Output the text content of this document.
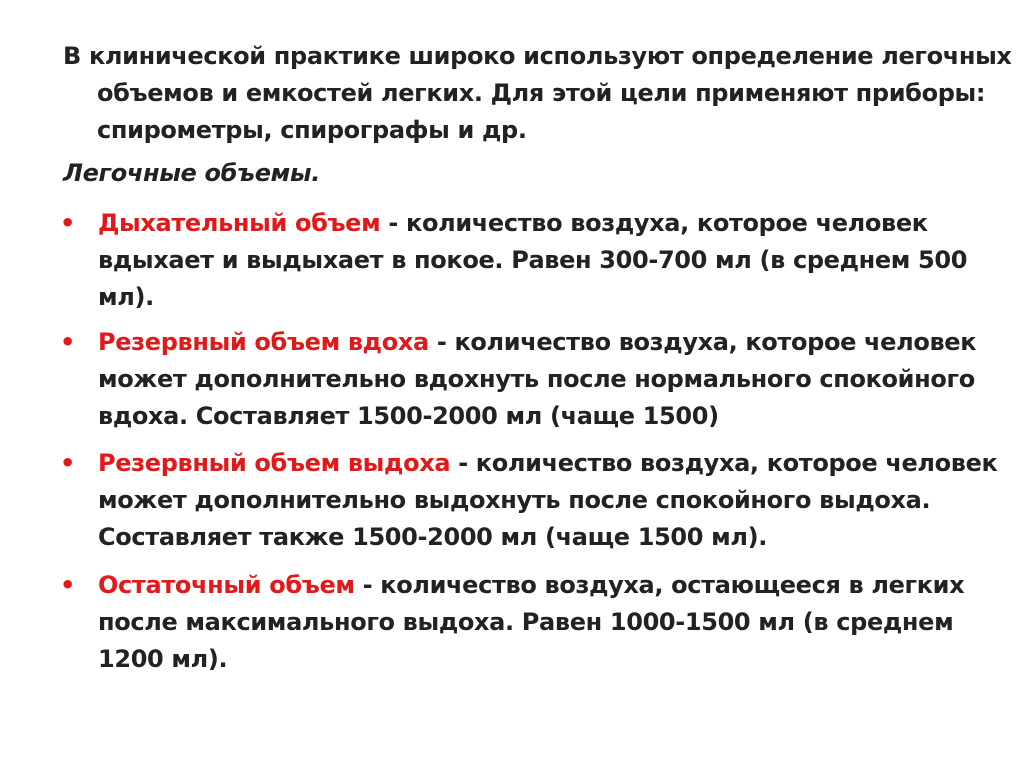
В клинической практике широко используют определение легочных объемов и емкостей легких. Для этой цели применяют приборы: спирометры, спирографы и др.

Легочные объемы.

• Дыхательный объем - количество воздуха, которое человек вдыхает и выдыхает в покое. Равен 300-700 мл (в среднем 500 мл).

• Резервный объем вдоха - количество воздуха, которое человек может дополнительно вдохнуть после нормального спокойного вдоха. Составляет 1500-2000 мл (чаще 1500)

• Резервный объем выдоха - количество воздуха, которое человек может дополнительно выдохнуть после спокойного выдоха. Составляет также 1500-2000 мл (чаще 1500 мл).

• Остаточный объем - количество воздуха, остающееся в легких после максимального выдоха. Равен 1000-1500 мл (в среднем 1200 мл).
